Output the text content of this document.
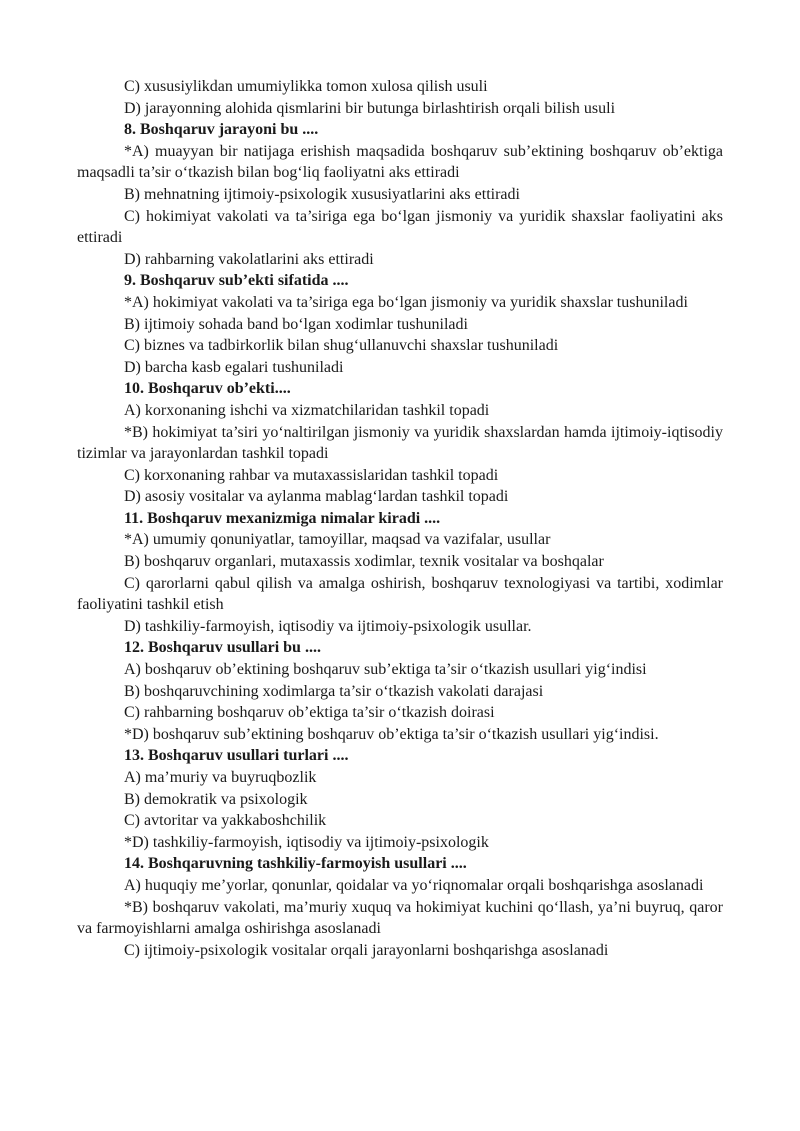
C) xususiylikdan umumiylikka tomon xulosa qilish usuli

D) jarayonning alohida qismlarini bir butunga birlashtirish orqali bilish usuli

8. Boshqaruv jarayoni bu ....

*A) muayyan bir natijaga erishish maqsadida boshqaruv sub’ektining boshqaruv ob’ektiga maqsadli ta’sir o‘tkazish bilan bog‘liq faoliyatni aks ettiradi

B) mehnatning ijtimoiy-psixologik xususiyatlarini aks ettiradi

C) hokimiyat vakolati va ta’siriga ega bo‘lgan jismoniy va yuridik shaxslar faoliyatini aks ettiradi

D) rahbarning vakolatlarini aks ettiradi

9. Boshqaruv sub’ekti sifatida ....

*A) hokimiyat vakolati va ta’siriga ega bo‘lgan jismoniy va yuridik shaxslar tushuniladi

B) ijtimoiy sohada band bo‘lgan xodimlar tushuniladi

C) biznes va tadbirkorlik bilan shug‘ullanuvchi shaxslar tushuniladi

D) barcha kasb egalari tushuniladi

10. Boshqaruv ob’ekti....

A) korxonaning ishchi va xizmatchilaridan tashkil topadi

*B) hokimiyat ta’siri yo‘naltirilgan jismoniy va yuridik shaxslardan hamda ijtimoiy-iqtisodiy tizimlar va jarayonlardan tashkil topadi

C) korxonaning rahbar va mutaxassislaridan tashkil topadi

D) asosiy vositalar va aylanma mablag‘lardan tashkil topadi

11. Boshqaruv mexanizmiga nimalar kiradi ....

*A) umumiy qonuniyatlar, tamoyillar, maqsad va vazifalar, usullar

B) boshqaruv organlari, mutaxassis xodimlar, texnik vositalar va boshqalar

C) qarorlarni qabul qilish va amalga oshirish, boshqaruv texnologiyasi va tartibi, xodimlar faoliyatini tashkil etish

D) tashkiliy-farmoyish, iqtisodiy va ijtimoiy-psixologik usullar.

12. Boshqaruv usullari bu ....

A) boshqaruv ob’ektining boshqaruv sub’ektiga ta’sir o‘tkazish usullari yig‘indisi

B) boshqaruvchining xodimlarga ta’sir o‘tkazish vakolati darajasi

C) rahbarning boshqaruv ob’ektiga ta’sir o‘tkazish doirasi

*D) boshqaruv sub’ektining boshqaruv ob’ektiga ta’sir o‘tkazish usullari yig‘indisi.

13. Boshqaruv usullari turlari ....

A) ma’muriy va buyruqbozlik

B) demokratik va psixologik

C) avtoritar va yakkaboshchilik

*D) tashkiliy-farmoyish, iqtisodiy va ijtimoiy-psixologik

14. Boshqaruvning tashkiliy-farmoyish usullari ....

A) huquqiy me’yorlar, qonunlar, qoidalar va yo‘riqnomalar orqali boshqarishga asoslanadi

*B) boshqaruv vakolati, ma’muriy xuquq va hokimiyat kuchini qo‘llash, ya’ni buyruq, qaror va farmoyishlarni amalga oshirishga asoslanadi

C) ijtimoiy-psixologik vositalar orqali jarayonlarni boshqarishga asoslanadi
